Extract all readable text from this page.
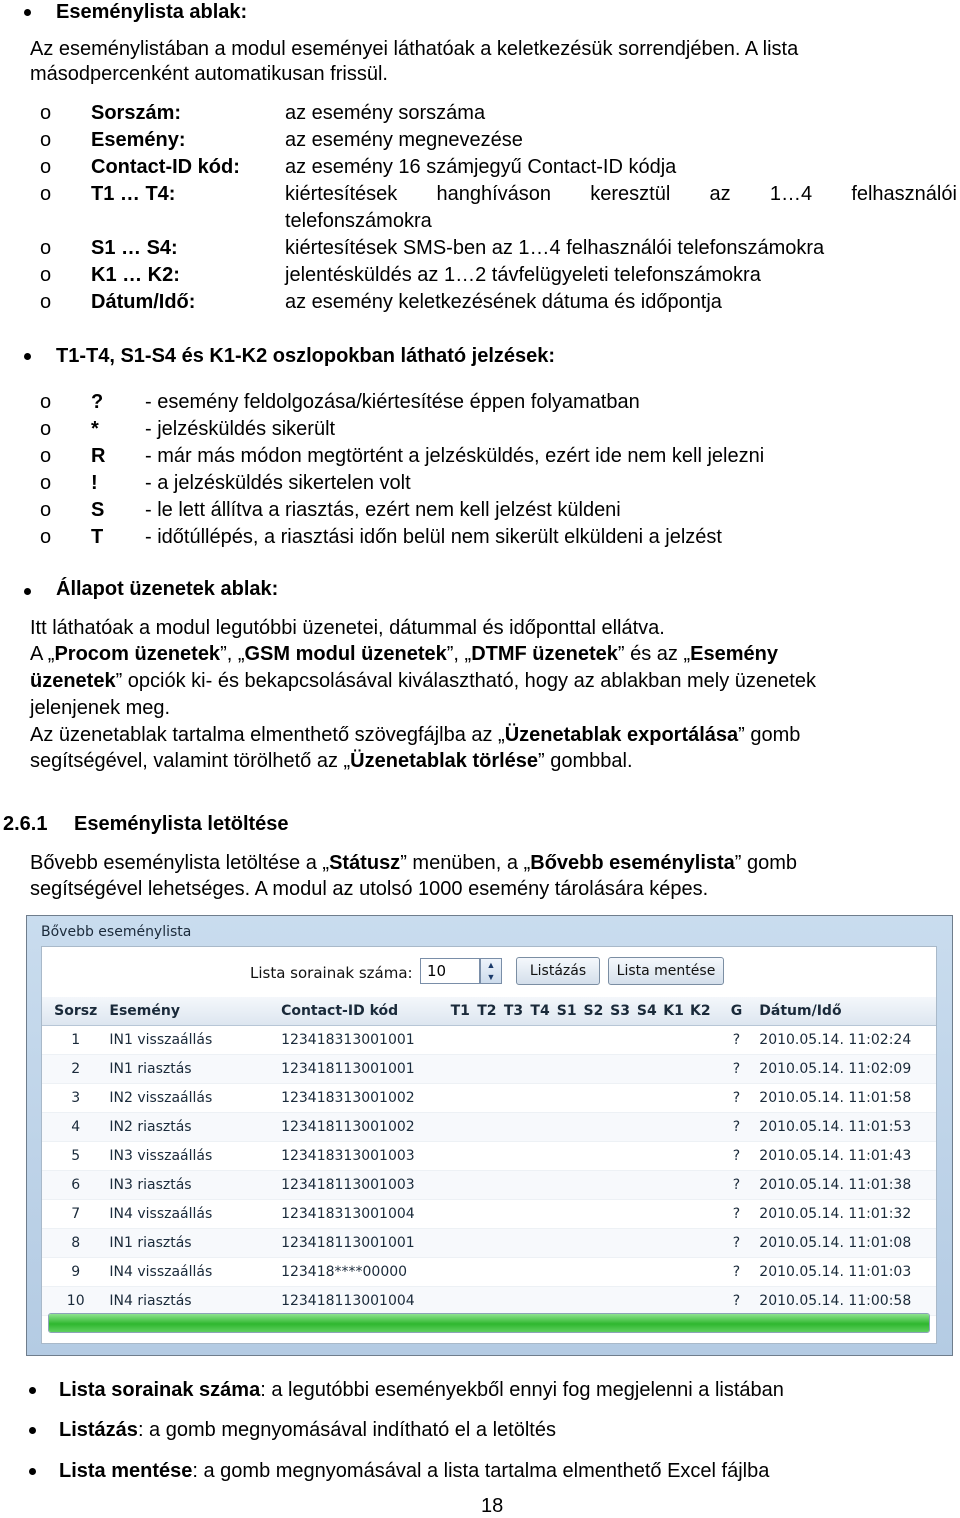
Eseménylista ablak:
Az eseménylistában a modul eseményei láthatóak a keletkezésük sorrendjében. A lista
másodpercenként automatikusan frissül.
o Sorszám:	az esemény sorszáma
o Esemény:	az esemény megnevezése
o Contact-ID kód: az esemény 16 számjegyű Contact-ID kódja
o T1 … T4:	kiértesítések hanghíváson keresztül az 1…4 felhasználói
telefonszámokra
o S1 … S4:	kiértesítések SMS-ben az 1…4 felhasználói telefonszámokra
o K1 … K2:	jelentésküldés az 1…2 távfelügyeleti telefonszámokra
o Dátum/Idő:	az esemény keletkezésének dátuma és időpontja
T1-T4, S1-S4 és K1-K2 oszlopokban látható jelzések:
o ? - esemény feldolgozása/kiértesítése éppen folyamatban
o * - jelzésküldés sikerült
o R - már más módon megtörtént a jelzésküldés, ezért ide nem kell jelezni
o ! - a jelzésküldés sikertelen volt
o S - le lett állítva a riasztás, ezért nem kell jelzést küldeni
o T - időtúllépés, a riasztási időn belül nem sikerült elküldeni a jelzést
Állapot üzenetek ablak:
Itt láthatóak a modul legutóbbi üzenetei, dátummal és időponttal ellátva.
A „Procom üzenetek”, „GSM modul üzenetek”, „DTMF üzenetek” és az „Esemény
üzenetek” opciók ki- és bekapcsolásával kiválasztható, hogy az ablakban mely üzenetek
jelenjenek meg.
Az üzenetablak tartalma elmenthető szövegfájlba az „Üzenetablak exportálása” gomb
segítségével, valamint törölhető az „Üzenetablak törlése” gombbal.
2.6.1 Eseménylista letöltése
Bővebb eseménylista letöltése a „Státusz” menüben, a „Bővebb eseménylista” gomb
segítségével lehetséges. A modul az utolsó 1000 esemény tárolására képes.
Bővebb eseménylista
Lista sorainak száma: 10	▲
▼	Listázás	Lista mentése
Sorsz	Esemény	Contact-ID kód	T1	T2	T3	T4	S1	S2	S3	S4	K1	K2	G	Dátum/Idő
1	IN1 visszaállás	123418313001001											?	2010.05.14. 11:02:24
2	IN1 riasztás	123418113001001											?	2010.05.14. 11:02:09
3	IN2 visszaállás	123418313001002											?	2010.05.14. 11:01:58
4	IN2 riasztás	123418113001002											?	2010.05.14. 11:01:53
5	IN3 visszaállás	123418313001003											?	2010.05.14. 11:01:43
6	IN3 riasztás	123418113001003											?	2010.05.14. 11:01:38
7	IN4 visszaállás	123418313001004											?	2010.05.14. 11:01:32
8	IN1 riasztás	123418113001001											?	2010.05.14. 11:01:08
9	IN4 visszaállás	123418****00000											?	2010.05.14. 11:01:03
10	IN4 riasztás	123418113001004											?	2010.05.14. 11:00:58
Lista sorainak száma: a legutóbbi eseményekből ennyi fog megjelenni a listában
Listázás: a gomb megnyomásával indítható el a letöltés
Lista mentése: a gomb megnyomásával a lista tartalma elmenthető Excel fájlba
18
